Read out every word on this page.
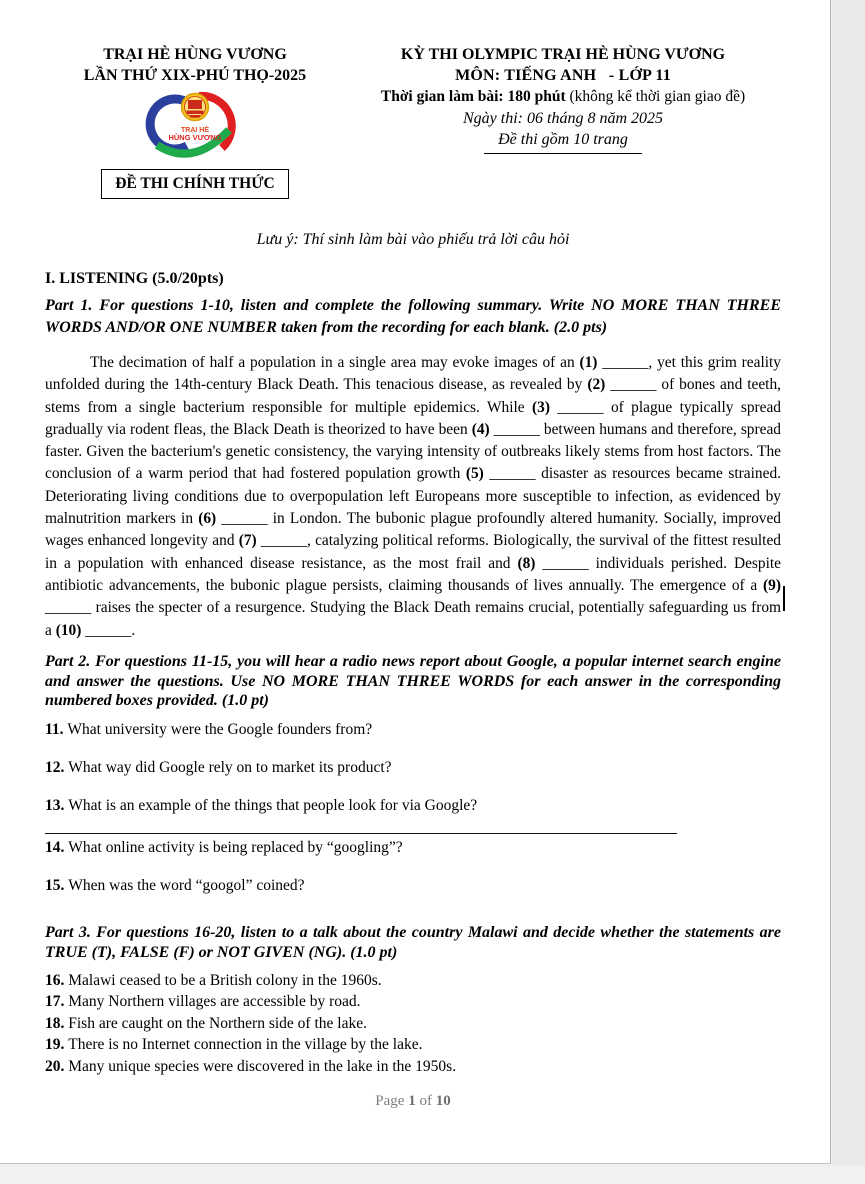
TRẠI HÈ HÙNG VƯƠNG
LẦN THỨ XIX-PHÚ THỌ-2025
TRẠI HÈ
HÙNG VƯƠNG
ĐỀ THI CHÍNH THỨC
KỲ THI OLYMPIC TRẠI HÈ HÙNG VƯƠNG
MÔN: TIẾNG ANH   - LỚP 11
Thời gian làm bài: 180 phút (không kể thời gian giao đề)
Ngày thi: 06 tháng 8 năm 2025
Đề thi gồm 10 trang
Lưu ý: Thí sinh làm bài vào phiếu trả lời câu hỏi
I. LISTENING (5.0/20pts)

Part 1. For questions 1-10, listen and complete the following summary. Write NO MORE THAN THREE WORDS AND/OR ONE NUMBER taken from the recording for each blank. (2.0 pts)

The decimation of half a population in a single area may evoke images of an (1) ______, yet this grim reality unfolded during the 14th-century Black Death. This tenacious disease, as revealed by (2) ______ of bones and teeth, stems from a single bacterium responsible for multiple epidemics. While (3) ______ of plague typically spread gradually via rodent fleas, the Black Death is theorized to have been (4) ______ between humans and therefore, spread faster. Given the bacterium's genetic consistency, the varying intensity of outbreaks likely stems from host factors. The conclusion of a warm period that had fostered population growth (5) ______ disaster as resources became strained. Deteriorating living conditions due to overpopulation left Europeans more susceptible to infection, as evidenced by malnutrition markers in (6) ______ in London. The bubonic plague profoundly altered humanity. Socially, improved wages enhanced longevity and (7) ______, catalyzing political reforms. Biologically, the survival of the fittest resulted in a population with enhanced disease resistance, as the most frail and (8) ______ individuals perished. Despite antibiotic advancements, the bubonic plague persists, claiming thousands of lives annually. The emergence of a (9) ______ raises the specter of a resurgence. Studying the Black Death remains crucial, potentially safeguarding us from a (10) ______.

Part 2. For questions 11-15, you will hear a radio news report about Google, a popular internet search engine and answer the questions. Use NO MORE THAN THREE WORDS for each answer in the corresponding numbered boxes provided. (1.0 pt)

11. What university were the Google founders from?
12. What way did Google rely on to market its product?
13. What is an example of the things that people look for via Google?
14. What online activity is being replaced by “googling”?
15. When was the word “googol” coined?

Part 3. For questions 16-20, listen to a talk about the country Malawi and decide whether the statements are TRUE (T), FALSE (F) or NOT GIVEN (NG). (1.0 pt)

16. Malawi ceased to be a British colony in the 1960s.
17. Many Northern villages are accessible by road.
18. Fish are caught on the Northern side of the lake.
19. There is no Internet connection in the village by the lake.
20. Many unique species were discovered in the lake in the 1950s.
Page 1 of 10
